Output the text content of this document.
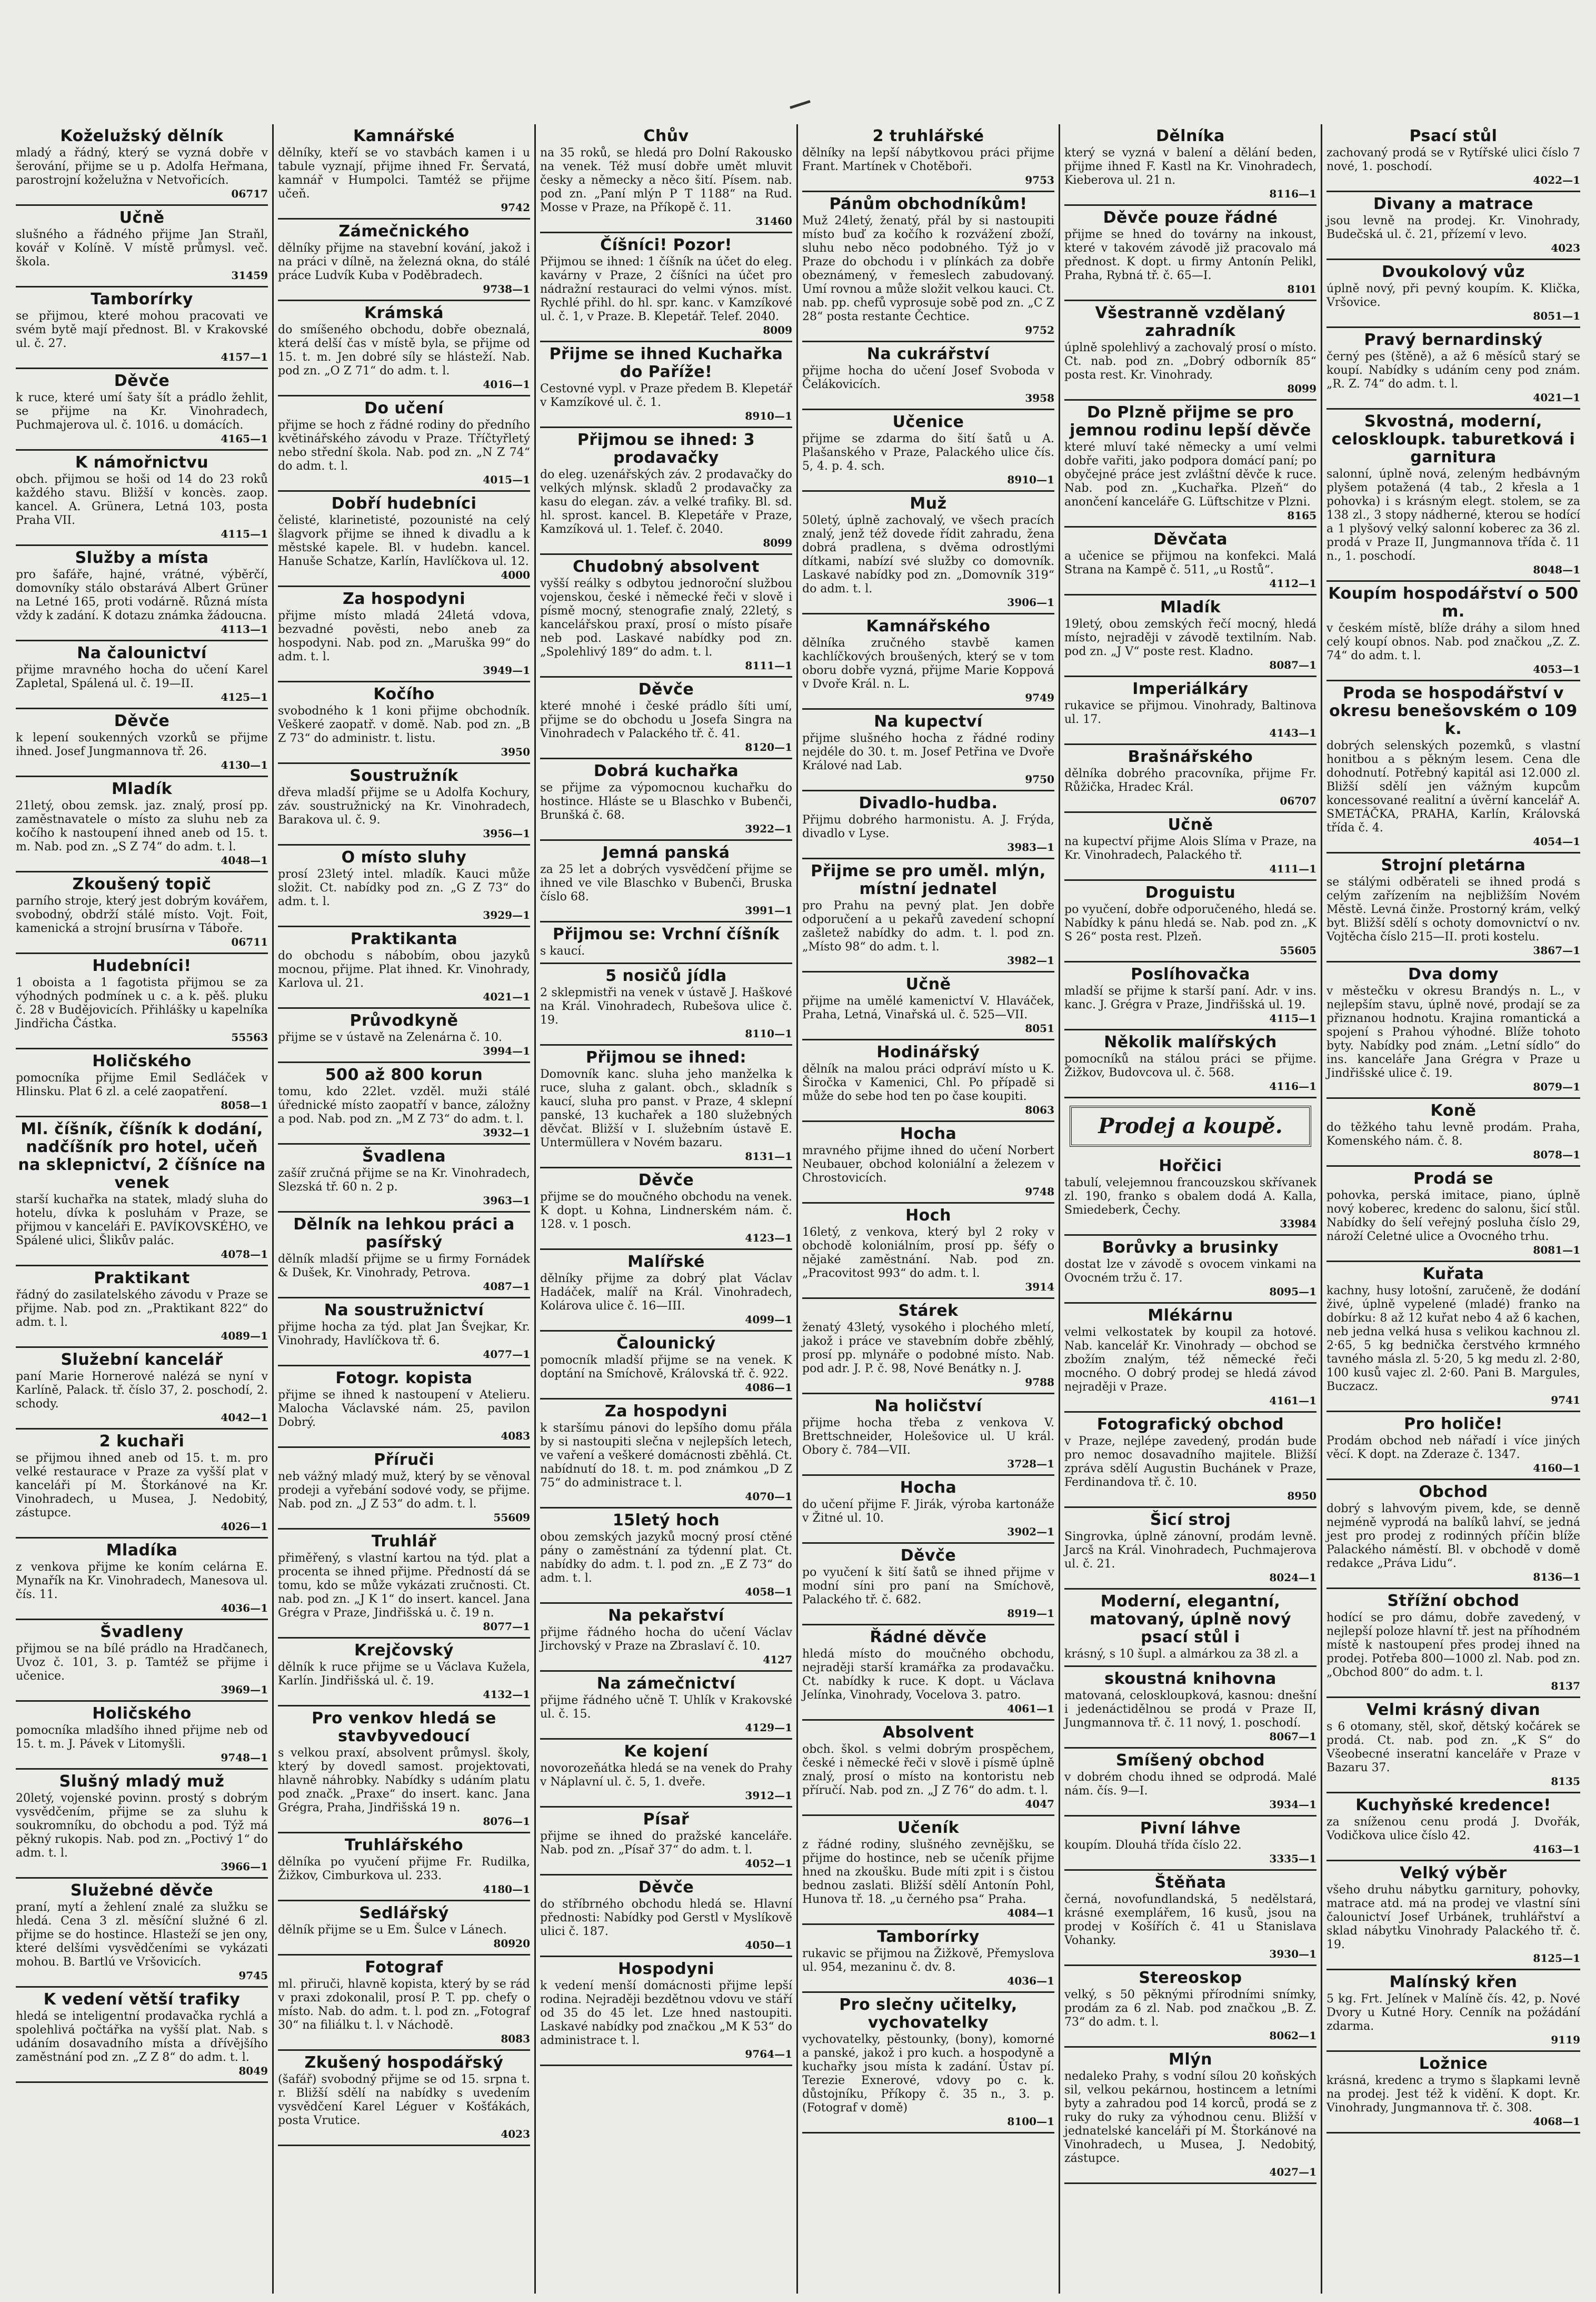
Koželužský dělník

mladý a řádný, který se vyzná dobře v šerování, přijme se u p. Adolfa Heřmana, parostrojní koželužna v Netvořicích.

06717
Učně

slušného a řádného přijme Jan Straňl, kovář v Kolíně. V místě průmysl. več. škola.

31459
Tamborírky

se přijmou, které mohou pracovati ve svém bytě mají přednost. Bl. v Krakovské ul. č. 27.

4157—1
Děvče

k ruce, které umí šaty šít a prádlo žehlit, se přijme na Kr. Vinohradech, Puchmajerova ul. č. 1016. u domácích.

4165—1
K námořnictvu

obch. přijmou se hoši od 14 do 23 roků každého stavu. Bližší v koncès. zaop. kancel. A. Grünera, Letná 103, posta Praha VII.

4115—1
Služby a místa

pro šafáře, hajné, vrátné, výběrčí, domovníky stálo obstarává Albert Grüner na Letné 165, proti vodárně. Různá místa vždy k zadání. K dotazu známka žádoucna.

4113—1
Na čalounictví

přijme mravného hocha do učení Karel Zapletal, Spálená ul. č. 19—II.

4125—1
Děvče

k lepení soukenných vzorků se přijme ihned. Josef Jungmannova tř. 26.

4130—1
Mladík

21letý, obou zemsk. jaz. znalý, prosí pp. zaměstnavatele o místo za sluhu neb za kočího k nastoupení ihned aneb od 15. t. m. Nab. pod zn. „S Z 74“ do adm. t. l.

4048—1
Zkoušený topič

parního stroje, který jest dobrým kovářem, svobodný, obdrží stálé místo. Vojt. Foit, kamenická a strojní brusírna v Táboře.

06711
Hudebníci!

1 oboista a 1 fagotista přijmou se za výhodných podmínek u c. a k. pěš. pluku č. 28 v Budějovicích. Přihlášky u kapelníka Jindřicha Částka.

55563
Holičského

pomocníka přijme Emil Sedláček v Hlinsku. Plat 6 zl. a celé zaopatření.

8058—1
Ml. číšník, číšník k dodání, nadčíšník pro hotel, učeň na sklepnictví, 2 číšníce na venek

starší kuchařka na statek, mladý sluha do hotelu, dívka k posluhám v Praze, se přijmou v kanceláři E. PAVÍKOVSKÉHO, ve Spálené ulici, Šlikův palác.

4078—1
Praktikant

řádný do zasilatelského závodu v Praze se přijme. Nab. pod zn. „Praktikant 822“ do adm. t. l.

4089—1
Služební kancelář

paní Marie Hornerové nalézá se nyní v Karlíně, Palack. tř. číslo 37, 2. poschodí, 2. schody.

4042—1
2 kuchaři

se přijmou ihned aneb od 15. t. m. pro velké restaurace v Praze za vyšší plat v kanceláři pí M. Štorkánové na Kr. Vinohradech, u Musea, J. Nedobitý, zástupce.

4026—1
Mladíka

z venkova přijme ke koním celárna E. Mynařík na Kr. Vinohradech, Manesova ul. čís. 11.

4036—1
Švadleny

přijmou se na bílé prádlo na Hradčanech, Uvoz č. 101, 3. p. Tamtéž se přijme i učenice.

3969—1
Holičského

pomocníka mladšího ihned přijme neb od 15. t. m. J. Pávek v Litomyšli.

9748—1
Slušný mladý muž

20letý, vojenské povinn. prostý s dobrým vysvědčením, přijme se za sluhu k soukromníku, do obchodu a pod. Týž má pěkný rukopis. Nab. pod zn. „Poctivý 1“ do adm. t. l.

3966—1
Služebné děvče

praní, mytí a žehlení znalé za služku se hledá. Cena 3 zl. měsíční služné 6 zl. přijme se do hostince. Hlasteží se jen ony, které delšími vysvědčeními se vykázati mohou. B. Bartlú ve Vršovicích.

9745
K vedení větší trafiky

hledá se inteligentní prodavačka rychlá a spolehlivá počtářka na vyšší plat. Nab. s udáním dosavadního místa a dřívějšího zaměstnání pod zn. „Z Z 8“ do adm. t. l.

8049
Kamnářské

dělníky, kteří se vo stavbách kamen i u tabule vyznají, přijme ihned Fr. Šervatá, kamnář v Humpolci. Tamtéž se přijme učeň.

9742
Zámečnického

dělníky přijme na stavební kování, jakož i na práci v dílně, na železná okna, do stálé práce Ludvík Kuba v Poděbradech.

9738—1
Krámská

do smíšeného obchodu, dobře obeznalá, která delší čas v místě byla, se přijme od 15. t. m. Jen dobré síly se hlásteží. Nab. pod zn. „O Z 71“ do adm. t. l.

4016—1
Do učení

přijme se hoch z řádné rodiny do předního květinářského závodu v Praze. Tříčtyřletý nebo střední škola. Nab. pod zn. „N Z 74“ do adm. t. l.

4015—1
Dobří hudebníci

čelisté, klarinetisté, pozounisté na celý šlagvork přijme se ihned k divadlu a k městské kapele. Bl. v hudebn. kancel. Hanuše Schatze, Karlín, Havlíčkova ul. 12.

4000
Za hospodyni

přijme místo mladá 24letá vdova, bezvadné pověsti, nebo aneb za hospodyni. Nab. pod zn. „Maruška 99“ do adm. t. l.

3949—1
Kočího

svobodného k 1 koni přijme obchodník. Veškeré zaopatř. v domě. Nab. pod zn. „B Z 73“ do administr. t. listu.

3950
Soustružník

dřeva mladší přijme se u Adolfa Kochury, záv. soustružnický na Kr. Vinohradech, Barakova ul. č. 9.

3956—1
O místo sluhy

prosí 23letý intel. mladík. Kauci může složit. Ct. nabídky pod zn. „G Z 73“ do adm. t. l.

3929—1
Praktikanta

do obchodu s nábobím, obou jazyků mocnou, přijme. Plat ihned. Kr. Vinohrady, Karlova ul. 21.

4021—1
Průvodkyně

přijme se v ústavě na Zelenárna č. 10.

3994—1
500 až 800 korun

tomu, kdo 22let. vzděl. muži stálé úřednické místo zaopatří v bance, záložny a pod. Nab. pod zn. „M Z 73“ do adm. t. l.

3932—1
Švadlena

zašíř zručná přijme se na Kr. Vinohradech, Slezská tř. 60 n. 2 p.

3963—1
Dělník na lehkou práci a pasířský

dělník mladší přijme se u firmy Fornádek & Dušek, Kr. Vinohrady, Petrova.

4087—1
Na soustružnictví

přijme hocha za týd. plat Jan Švejkar, Kr. Vinohrady, Havlíčkova tř. 6.

4077—1
Fotogr. kopista

přijme se ihned k nastoupení v Atelieru. Malocha Václavské nám. 25, pavilon Dobrý.

4083
Příruči

neb vážný mladý muž, který by se věnoval prodeji a vyřebání sodové vody, se přijme. Nab. pod zn. „J Z 53“ do adm. t. l.

55609
Truhlář

přiměřený, s vlastní kartou na týd. plat a procenta se ihned přijme. Předností dá se tomu, kdo se může vykázati zručnosti. Ct. nab. pod zn. „J K 1“ do insert. kancel. Jana Grégra v Praze, Jindřišská u. č. 19 n.

8077—1
Krejčovský

dělník k ruce přijme se u Václava Kužela, Karlín. Jindřišská ul. č. 19.

4132—1
Pro venkov hledá se stavbyvedoucí

s velkou praxí, absolvent průmysl. školy, který by dovedl samost. projektovati, hlavně náhrobky. Nabídky s udáním platu pod značk. „Praxe“ do insert. kanc. Jana Grégra, Praha, Jindřišská 19 n.

8076—1
Truhlářského

dělníka po vyučení přijme Fr. Rudilka, Žižkov, Cimburkova ul. 233.

4180—1
Sedlářský

dělník přijme se u Em. Šulce v Lánech.

80920
Fotograf

ml. přiruči, hlavně kopista, který by se rád v praxi zdokonalil, prosí P. T. pp. chefy o místo. Nab. do adm. t. l. pod zn. „Fotograf 30“ na filiálku t. l. v Náchodě.

8083
Zkušený hospodářský

(šafář) svobodný přijme se od 15. srpna t. r. Bližší sdělí na nabídky s uvedením vysvědčení Karel Léguer v Košťákách, posta Vrutice.

4023
Chův

na 35 roků, se hledá pro Dolní Rakousko na venek. Též musí dobře umět mluvit česky a německy a něco šití. Písem. nab. pod zn. „Paní mlýn P T 1188“ na Rud. Mosse v Praze, na Příkopě č. 11.

31460
Číšníci! Pozor!

Přijmou se ihned: 1 číšník na účet do eleg. kavárny v Praze, 2 číšníci na účet pro nádražní restauraci do velmi výnos. míst. Rychlé přihl. do hl. spr. kanc. v Kamzíkové ul. č. 1, v Praze. B. Klepetář. Telef. 2040.

8009
Přijme se ihned Kuchařka do Paříže!

Cestovné vypl. v Praze předem B. Klepetář v Kamzíkové ul. č. 1.

8910—1
Přijmou se ihned: 3 prodavačky

do eleg. uzenářských záv. 2 prodavačky do velkých mlýnsk. skladů 2 prodavačky za kasu do elegan. záv. a velké trafiky. Bl. sd. hl. sprost. kancel. B. Klepetáře v Praze, Kamzíková ul. 1. Telef. č. 2040.

8099
Chudobný absolvent

vyšší reálky s odbytou jednoroční službou vojenskou, české i německé řeči v slově i písmě mocný, stenografie znalý, 22letý, s kancelářskou praxí, prosí o místo písaře neb pod. Laskavé nabídky pod zn. „Spolehlivý 189“ do adm. t. l.

8111—1
Děvče

které mnohé i české prádlo šíti umí, přijme se do obchodu u Josefa Singra na Vinohradech v Palackého tř. č. 41.

8120—1
Dobrá kuchařka

se přijme za výpomocnou kuchařku do hostince. Hláste se u Blaschko v Bubenči, Brunšká č. 68.

3922—1
Jemná panská

za 25 let a dobrých vysvědčení přijme se ihned ve vile Blaschko v Bubenči, Bruska číslo 68.

3991—1
Přijmou se: Vrchní číšník

s kaucí.

5 nosičů jídla

2 sklepmistři na venek v ústavě J. Haškové na Král. Vinohradech, Rubešova ulice č. 19.

8110—1
Přijmou se ihned:

Domovník kanc. sluha jeho manželka k ruce, sluha z galant. obch., skladník s kaucí, sluha pro panst. v Praze, 4 sklepní panské, 13 kuchařek a 180 služebných děvčat. Bližší v I. služebním ústavě E. Untermüllera v Novém bazaru.

8131—1
Děvče

přijme se do moučného obchodu na venek. K dopt. u Kohna, Lindnerském nám. č. 128. v. 1 posch.

4123—1
Malířské

dělníky přijme za dobrý plat Václav Hadáček, malíř na Král. Vinohradech, Kolárova ulice č. 16—III.

4099—1
Čalounický

pomocník mladší přijme se na venek. K doptání na Smíchově, Královská tř. č. 922.

4086—1
Za hospodyni

k staršímu pánovi do lepšího domu přála by si nastoupiti slečna v nejlepších letech, ve vaření a veškeré domácnosti zběhlá. Ct. nabídnutí do 18. t. m. pod známkou „D Z 75“ do administrace t. l.

4070—1
15letý hoch

obou zemských jazyků mocný prosí ctěné pány o zaměstnání za týdenní plat. Ct. nabídky do adm. t. l. pod zn. „E Z 73“ do adm. t. l.

4058—1
Na pekařství

přijme řádného hocha do učení Václav Jirchovský v Praze na Zbraslaví č. 10.

4127
Na zámečnictví

přijme řádného učně T. Uhlík v Krakovské ul. č. 15.

4129—1
Ke kojení

novorozeňátka hledá se na venek do Prahy v Náplavní ul. č. 5, 1. dveře.

3912—1
Písař

přijme se ihned do pražské kanceláře. Nab. pod zn. „Písař 37“ do adm. t. l.

4052—1
Děvče

do stříbrného obchodu hledá se. Hlavní přednosti: Nabídky pod Gerstl v Myslíkově ulici č. 187.

4050—1
Hospodyni

k vedení menší domácnosti přijme lepší rodina. Nejraději bezdětnou vdovu ve stáří od 35 do 45 let. Lze hned nastoupiti. Laskavé nabídky pod značkou „M K 53“ do administrace t. l.

9764—1
2 truhlářské

dělníky na lepší nábytkovou práci přijme Frant. Martínek v Chotěboři.

9753
Pánům obchodníkům!

Muž 24letý, ženatý, přál by si nastoupiti místo buď za kočího k rozvážení zboží, sluhu nebo něco podobného. Týž jo v Praze do obchodu i v plínkách za dobře obeznámený, v řemeslech zabudovaný. Umí rovnou a může složit velkou kauci. Ct. nab. pp. chefů vyprosuje sobě pod zn. „C Z 28“ posta restante Čechtice.

9752
Na cukrářství

přijme hocha do učení Josef Svoboda v Čelákovicích.

3958
Učenice

přijme se zdarma do šití šatů u A. Plašanského v Praze, Palackého ulice čís. 5, 4. p. 4. sch.

8910—1
Muž

50letý, úplně zachovalý, ve všech pracích znalý, jenž též dovede řídit zahradu, žena dobrá pradlena, s dvěma odrostlými dítkami, nabízí své služby co domovník. Laskavé nabídky pod zn. „Domovník 319“ do adm. t. l.

3906—1
Kamnářského

dělníka zručného stavbě kamen kachlíčkových broušených, který se v tom oboru dobře vyzná, přijme Marie Koppová v Dvoře Král. n. L.

9749
Na kupectví

přijme slušného hocha z řádné rodiny nejdéle do 30. t. m. Josef Petřina ve Dvoře Králové nad Lab.

9750
Divadlo-hudba.

Přijmu dobrého harmonistu. A. J. Frýda, divadlo v Lyse.

3983—1
Přijme se pro uměl. mlýn, místní jednatel

pro Prahu na pevný plat. Jen dobře odporučení a u pekařů zavedení schopní zašletež nabídky do adm. t. l. pod zn. „Místo 98“ do adm. t. l.

3982—1
Učně

přijme na umělé kamenictví V. Hlaváček, Praha, Letná, Vinařská ul. č. 525—VII.

8051
Hodinářský

dělník na malou práci odpráví místo u K. Širočka v Kamenici, Chl. Po případě si může do sebe hod ten po čase koupiti.

8063
Hocha

mravného přijme ihned do učení Norbert Neubauer, obchod koloniální a železem v Chrostovicích.

9748
Hoch

16letý, z venkova, který byl 2 roky v obchodě koloniálním, prosí pp. šéfy o nějaké zaměstnání. Nab. pod zn. „Pracovitost 993“ do adm. t. l.

3914
Stárek

ženatý 43letý, vysokého i plochého mletí, jakož i práce ve stavebním dobře zběhlý, prosí pp. mlynáře o podobné místo. Nab. pod adr. J. P. č. 98, Nové Benátky n. J.

9788
Na holičství

přijme hocha třeba z venkova V. Brettschneider, Holešovice ul. U král. Obory č. 784—VII.

3728—1
Hocha

do učení přijme F. Jirák, výroba kartonáže v Žitné ul. 10.

3902—1
Děvče

po vyučení k šití šatů se ihned přijme v modní síni pro paní na Smíchově, Palackého tř. č. 682.

8919—1
Řádné děvče

hledá místo do moučného obchodu, nejraději starší kramářka za prodavačku. Ct. nabídky k ruce. K dopt. u Václava Jelínka, Vinohrady, Vocelova 3. patro.

4061—1
Absolvent

obch. škol. s velmi dobrým prospěchem, české i německé řeči v slově i písmě úplně znalý, prosí o místo na kontoristu neb příručí. Nab. pod zn. „J Z 76“ do adm. t. l.

4047
Učeník

z řádné rodiny, slušného zevnějšku, se přijme do hostince, neb se učeník přijme hned na zkoušku. Bude míti zpit i s čistou bednou zaslati. Bližší sdělí Antonín Pohl, Hunova tř. 18. „u černého psa“ Praha.

4084—1
Tamborírky

rukavic se přijmou na Žižkově, Přemyslova ul. 954, mezaninu č. dv. 8.

4036—1
Pro slečny učitelky, vychovatelky

vychovatelky, pěstounky, (bony), komorné a panské, jakož i pro kuch. a hospodyně a kuchařky jsou místa k zadání. Ústav pí. Terezie Exnerové, vdovy po c. k. důstojníku, Příkopy č. 35 n., 3. p. (Fotograf v domě)

8100—1
Dělníka

který se vyzná v balení a dělání beden, přijme ihned F. Kastl na Kr. Vinohradech, Kieberova ul. 21 n.

8116—1
Děvče pouze řádné

přijme se hned do továrny na inkoust, které v takovém závodě již pracovalo má přednost. K dopt. u firmy Antonín Pelikl, Praha, Rybná tř. č. 65—I.

8101
Všestranně vzdělaný zahradník

úplně spolehlivý a zachovalý prosí o místo. Ct. nab. pod zn. „Dobrý odborník 85“ posta rest. Kr. Vinohrady.

8099
Do Plzně přijme se pro jemnou rodinu lepší děvče

které mluví také německy a umí velmi dobře vařiti, jako podpora domácí paní; po obyčejné práce jest zvláštní děvče k ruce. Nab. pod zn. „Kuchařka. Plzeň“ do anončení kanceláře G. Lüftschitze v Plzni.

8165
Děvčata

a učenice se přijmou na konfekci. Malá Strana na Kampě č. 511, „u Rostů“.

4112—1
Mladík

19letý, obou zemských řečí mocný, hledá místo, nejraději v závodě textilním. Nab. pod zn. „J V“ poste rest. Kladno.

8087—1
Imperiálkáry

rukavice se přijmou. Vinohrady, Baltinova ul. 17.

4143—1
Brašnářského

dělníka dobrého pracovníka, přijme Fr. Růžička, Hradec Král.

06707
Učně

na kupectví přijme Alois Slíma v Praze, na Kr. Vinohradech, Palackého tř.

4111—1
Droguistu

po vyučení, dobře odporučeného, hledá se. Nabídky k pánu hledá se. Nab. pod zn. „K S 26“ posta rest. Plzeň.

55605
Poslíhovačka

mladší se přijme k starší paní. Adr. v ins. kanc. J. Grégra v Praze, Jindřišská ul. 19.

4115—1
Několik malířských

pomocníků na stálou práci se přijme. Žižkov, Budovcova ul. č. 568.

4116—1
Prodej a koupě.
Hořčici

tabulí, velejemnou francouzskou skřívanek zl. 190, franko s obalem dodá A. Kalla, Smiedeberk, Čechy.

33984
Borůvky a brusinky

dostat lze v závodě s ovocem vinkami na Ovocném tržu č. 17.

8095—1
Mlékárnu

velmi velkostatek by koupil za hotové. Nab. kancelář Kr. Vinohrady — obchod se zbožím znalým, též německé řeči mocného. O dobrý prodej se hledá závod nejraději v Praze.

4161—1
Fotografický obchod

v Praze, nejlépe zavedený, prodán bude pro nemoc dosavadního majitele. Bližší zpráva sdělí Augustin Buchánek v Praze, Ferdinandova tř. č. 10.

8950
Šicí stroj

Singrovka, úplně zánovní, prodám levně. Jarcš na Král. Vinohradech, Puchmajerova ul. č. 21.

8024—1
Moderní, elegantní, matovaný, úplně nový psací stůl i

krásný, s 10 šupl. a almárkou za 38 zl. a

skoustná knihovna

matovaná, celoskloupková, kasnou: dnešní i jedenáctidělnou se prodá v Praze II, Jungmannova tř. č. 11 nový, 1. poschodí.

8067—1
Smíšený obchod

v dobrém chodu ihned se odprodá. Malé nám. čís. 9—I.

3934—1
Pivní láhve

koupím. Dlouhá třída číslo 22.

3335—1
Štěňata

černá, novofundlandská, 5 nedělstará, krásné exemplářem, 16 kusů, jsou na prodej v Košířích č. 41 u Stanislava Vohanky.

3930—1
Stereoskop

velký, s 50 pěknými přírodními snímky, prodám za 6 zl. Nab. pod značkou „B. Z. 73“ do adm. t. l.

8062—1
Mlýn

nedaleko Prahy, s vodní sílou 20 koňských sil, velkou pekárnou, hostincem a letními byty a zahradou pod 14 korců, prodá se z ruky do ruky za výhodnou cenu. Bližší v jednatelské kanceláři pí M. Štorkánové na Vinohradech, u Musea, J. Nedobitý, zástupce.

4027—1
Psací stůl

zachovaný prodá se v Rytířské ulici číslo 7 nové, 1. poschodí.

4022—1
Divany a matrace

jsou levně na prodej. Kr. Vinohrady, Budečská ul. č. 21, přízemí v levo.

4023
Dvoukolový vůz

úplně nový, při pevný koupím. K. Klička, Vršovice.

8051—1
Pravý bernardinský

černý pes (štěně), a až 6 měsíců starý se koupí. Nabídky s udáním ceny pod znám. „R. Z. 74“ do adm. t. l.

4021—1
Skvostná, moderní, celoskloupk. taburetková i garnitura

salonní, úplně nová, zeleným hedbávným plyšem potažená (4 tab., 2 křesla a 1 pohovka) i s krásným elegt. stolem, se za 138 zl., 3 stopy nádherné, kterou se hodící a 1 plyšový velký salonní koberec za 36 zl. prodá v Praze II, Jungmannova třída č. 11 n., 1. poschodí.

8048—1
Koupím hospodářství o 500 m.

v českém místě, blíže dráhy a silom hned celý koupí obnos. Nab. pod značkou „Z. Z. 74“ do adm. t. l.

4053—1
Proda se hospodářství v okresu benešovském o 109 k.

dobrých selenských pozemků, s vlastní honitbou a s pěkným lesem. Cena dle dohodnutí. Potřebný kapitál asi 12.000 zl. Bližší sdělí jen vážným kupcům koncessované realitní a úvěrní kancelář A. SMETÁČKA, PRAHA, Karlín, Královská třída č. 4.

4054—1
Strojní pletárna

se stálými odběrateli se ihned prodá s celým zařízením na nejbližším Novém Městě. Levná činže. Prostorný krám, velký byt. Bližší sdělí s ochoty domovnictví o nv. Vojtěcha číslo 215—II. proti kostelu.

3867—1
Dva domy

v městečku v okresu Brandýs n. L., v nejlepším stavu, úplně nové, prodají se za přiznanou hodnotu. Krajina romantická a spojení s Prahou výhodné. Blíže tohoto byty. Nabídky pod znám. „Letní sídlo“ do ins. kanceláře Jana Grégra v Praze u Jindřišské ulice č. 19.

8079—1
Koně

do těžkého tahu levně prodám. Praha, Komenského nám. č. 8.

8078—1
Prodá se

pohovka, perská imitace, piano, úplně nový koberec, kredenc do salonu, šicí stůl. Nabídky do šelí veřejný posluha číslo 29, nároží Celetné ulice a Ovocného trhu.

8081—1
Kuřata

kachny, husy lotošní, zaručeně, že dodání živé, úplně vypelené (mladé) franko na dobírku: 8 až 12 kuřat nebo 4 až 6 kachen, neb jedna velká husa s velikou kachnou zl. 2·65, 5 kg bednička čerstvého krmného tavného másla zl. 5·20, 5 kg medu zl. 2·80, 100 kusů vajec zl. 2·60. Pani B. Margules, Buczacz.

9741
Pro holiče!

Prodám obchod neb nářadí i více jiných věcí. K dopt. na Zderaze č. 1347.

4160—1
Obchod

dobrý s lahvovým pivem, kde, se denně nejméně vyprodá na balíků lahví, se jedná jest pro prodej z rodinných příčin blíže Palackého náměstí. Bl. v obchodě v domě redakce „Práva Lidu“.

8136—1
Střížní obchod

hodící se pro dámu, dobře zavedený, v nejlepší poloze hlavní tř. jest na příhodném místě k nastoupení přes prodej ihned na prodej. Potřeba 800—1000 zl. Nab. pod zn. „Obchod 800“ do adm. t. l.

8137
Velmi krásný divan

s 6 otomany, stěl, skoř, dětský kočárek se prodá. Ct. nab. pod zn. „K S“ do Všeobecné inseratní kanceláře v Praze v Bazaru 37.

8135
Kuchyňské kredence!

za sníženou cenu prodá J. Dvořák, Vodičkova ulice číslo 42.

4163—1
Velký výběr

všeho druhu nábytku garnitury, pohovky, matrace atd. má na prodej ve vlastní síni čalounictví Josef Urbánek, truhlářství a sklad nábytku Vinohrady Palackého tř. č. 19.

8125—1
Malínský křen

5 kg. Frt. Jelínek v Malíně čís. 42, p. Nové Dvory u Kutné Hory. Cenník na požádání zdarma.

9119
Ložnice

krásná, kredenc a trymo s šlapkami levně na prodej. Jest též k vidění. K dopt. Kr. Vinohrady, Jungmannova tř. č. 308.

4068—1
